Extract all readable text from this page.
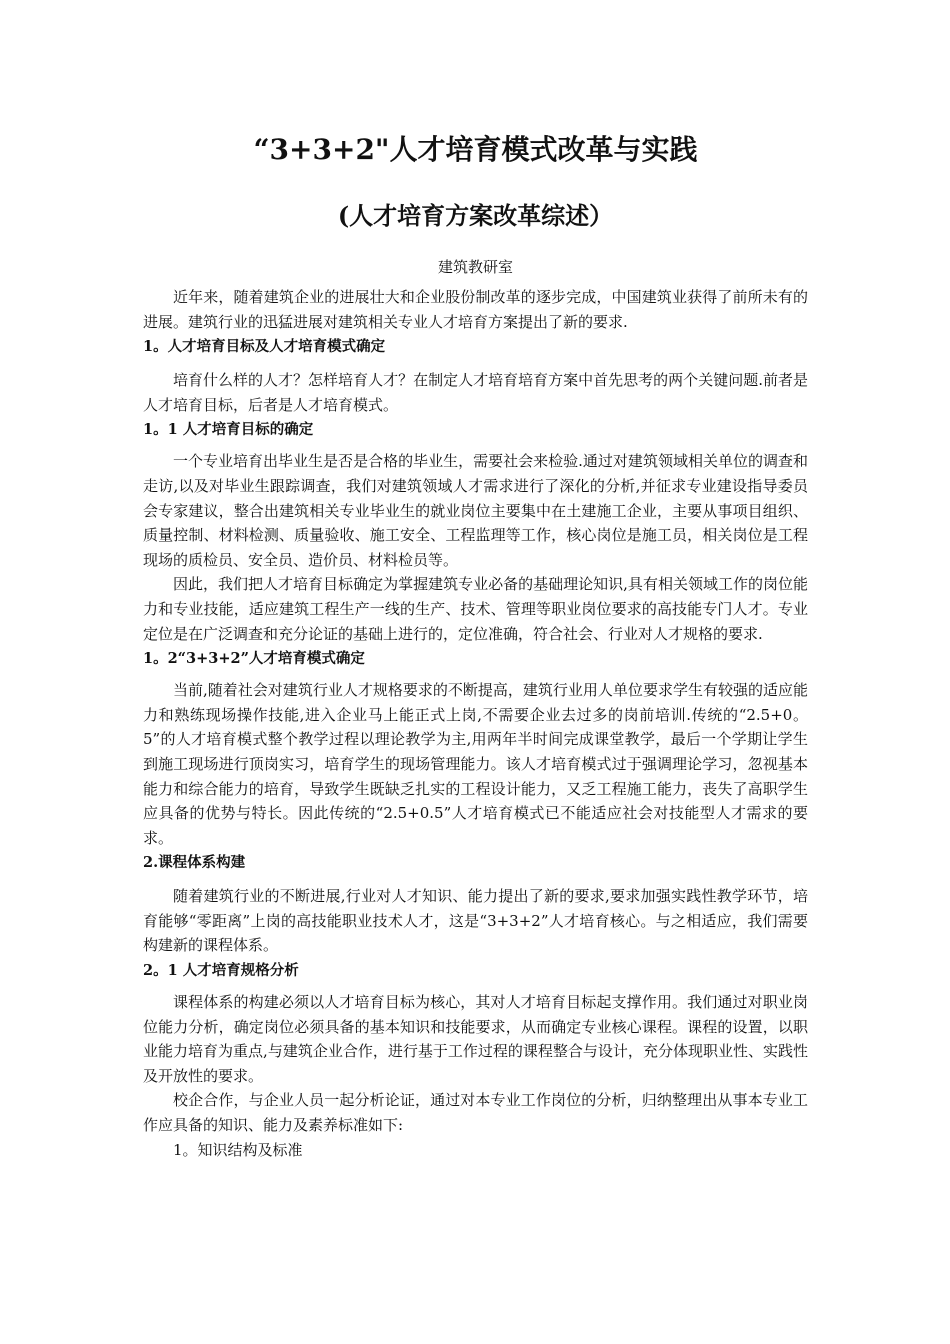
“3+3+2"人才培育模式改革与实践
(人才培育方案改革综述）
建筑教研室

近年来，随着建筑企业的进展壮大和企业股份制改革的逐步完成，中国建筑业获得了前所未有的进展。建筑行业的迅猛进展对建筑相关专业人才培育方案提出了新的要求.

1。人才培育目标及人才培育模式确定

培育什么样的人才？怎样培育人才？在制定人才培育培育方案中首先思考的两个关键问题.前者是人才培育目标，后者是人才培育模式。

1。1 人才培育目标的确定

一个专业培育出毕业生是否是合格的毕业生，需要社会来检验.通过对建筑领域相关单位的调查和走访,以及对毕业生跟踪调查，我们对建筑领域人才需求进行了深化的分析,并征求专业建设指导委员会专家建议，整合出建筑相关专业毕业生的就业岗位主要集中在土建施工企业，主要从事项目组织、质量控制、材料检测、质量验收、施工安全、工程监理等工作，核心岗位是施工员，相关岗位是工程现场的质检员、安全员、造价员、材料检员等。

因此，我们把人才培育目标确定为掌握建筑专业必备的基础理论知识,具有相关领域工作的岗位能力和专业技能，适应建筑工程生产一线的生产、技术、管理等职业岗位要求的高技能专门人才。专业定位是在广泛调查和充分论证的基础上进行的，定位准确，符合社会、行业对人才规格的要求.

1。2“3+3+2”人才培育模式确定

当前,随着社会对建筑行业人才规格要求的不断提高，建筑行业用人单位要求学生有较强的适应能力和熟练现场操作技能,进入企业马上能正式上岗,不需要企业去过多的岗前培训.传统的“2.5+0。5”的人才培育模式整个教学过程以理论教学为主,用两年半时间完成课堂教学，最后一个学期让学生到施工现场进行顶岗实习，培育学生的现场管理能力。该人才培育模式过于强调理论学习，忽视基本能力和综合能力的培育，导致学生既缺乏扎实的工程设计能力，又乏工程施工能力，丧失了高职学生应具备的优势与特长。因此传统的“2.5+0.5”人才培育模式已不能适应社会对技能型人才需求的要求。

2.课程体系构建

随着建筑行业的不断进展,行业对人才知识、能力提出了新的要求,要求加强实践性教学环节，培育能够“零距离”上岗的高技能职业技术人才，这是“3+3+2”人才培育核心。与之相适应，我们需要构建新的课程体系。

2。1 人才培育规格分析

课程体系的构建必须以人才培育目标为核心，其对人才培育目标起支撑作用。我们通过对职业岗位能力分析，确定岗位必须具备的基本知识和技能要求，从而确定专业核心课程。课程的设置，以职业能力培育为重点,与建筑企业合作，进行基于工作过程的课程整合与设计，充分体现职业性、实践性及开放性的要求。

校企合作，与企业人员一起分析论证，通过对本专业工作岗位的分析，归纳整理出从事本专业工作应具备的知识、能力及素养标准如下:

1。知识结构及标准
